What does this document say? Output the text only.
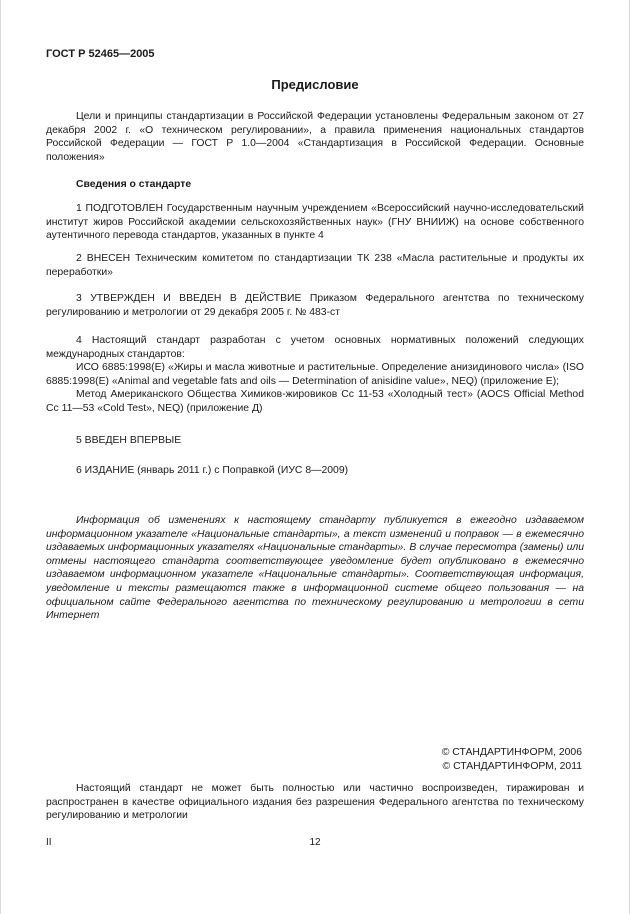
ГОСТ Р 52465—2005
Предисловие

Цели и принципы стандартизации в Российской Федерации установлены Федеральным законом от 27 декабря 2002 г. «О техническом регулировании», а правила применения национальных стандартов Российской Федерации — ГОСТ Р 1.0—2004 «Стандартизация в Российской Федерации. Основные положения»

Сведения о стандарте

1 ПОДГОТОВЛЕН Государственным научным учреждением «Всероссийский научно-исследовательский институт жиров Российской академии сельскохозяйственных наук» (ГНУ ВНИИЖ) на основе собственного аутентичного перевода стандартов, указанных в пункте 4

2 ВНЕСЕН Техническим комитетом по стандартизации ТК 238 «Масла растительные и продукты их переработки»

3 УТВЕРЖДЕН И ВВЕДЕН В ДЕЙСТВИЕ Приказом Федерального агентства по техническому регулированию и метрологии от 29 декабря 2005 г. № 483-ст

4 Настоящий стандарт разработан с учетом основных нормативных положений следующих международных стандартов:

ИСО 6885:1998(Е) «Жиры и масла животные и растительные. Определение анизидинового числа» (ISO 6885:1998(E) «Animal and vegetable fats and oils — Determination of anisidine value», NEQ) (приложение Е);

Метод Американского Общества Химиков-жировиков Cc 11-53 «Холодный тест» (AOCS Official Method Cc 11—53 «Cold Test», NEQ) (приложение Д)

5 ВВЕДЕН ВПЕРВЫЕ

6 ИЗДАНИЕ (январь 2011 г.) с Поправкой (ИУС 8—2009)

Информация об изменениях к настоящему стандарту публикуется в ежегодно издаваемом информационном указателе «Национальные стандарты», а текст изменений и поправок — в ежемесячно издаваемых информационных указателях «Национальные стандарты». В случае пересмотра (замены) или отмены настоящего стандарта соответствующее уведомление будет опубликовано в ежемесячно издаваемом информационном указателе «Национальные стандарты». Соответствующая информация, уведомление и тексты размещаются также в информационной системе общего пользования — на официальном сайте Федерального агентства по техническому регулированию и метрологии в сети Интернет

© СТАНДАРТИНФОРМ, 2006

© СТАНДАРТИНФОРМ, 2011

Настоящий стандарт не может быть полностью или частично воспроизведен, тиражирован и распространен в качестве официального издания без разрешения Федерального агентства по техническому регулированию и метрологии

II	12
